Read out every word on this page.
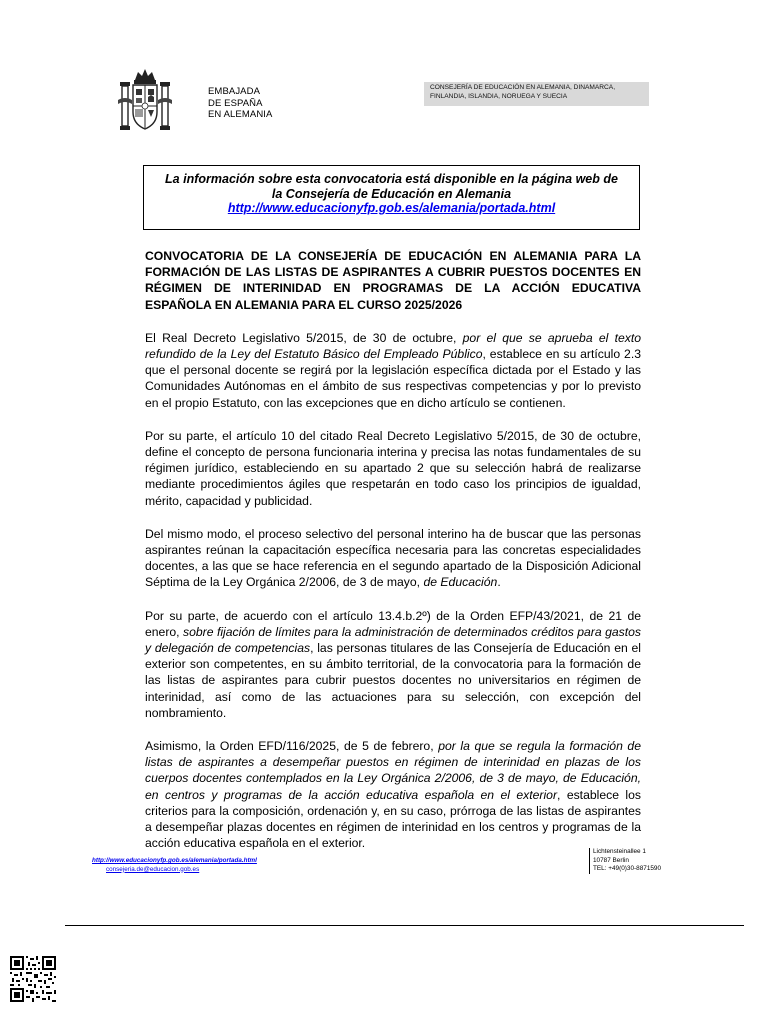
EMBAJADA
DE ESPAÑA
EN ALEMANIA
CONSEJERÍA DE EDUCACIÓN EN ALEMANIA, DINAMARCA,
FINLANDIA, ISLANDIA, NORUEGA Y SUECIA
La información sobre esta convocatoria está disponible en la página web de
la Consejería de Educación en Alemania
http://www.educacionyfp.gob.es/alemania/portada.html
CONVOCATORIA DE LA CONSEJERÍA DE EDUCACIÓN EN ALEMANIA PARA LA FORMACIÓN DE LAS LISTAS DE ASPIRANTES A CUBRIR PUESTOS DOCENTES EN RÉGIMEN DE INTERINIDAD EN PROGRAMAS DE LA ACCIÓN EDUCATIVA ESPAÑOLA EN ALEMANIA PARA EL CURSO 2025/2026

El Real Decreto Legislativo 5/2015, de 30 de octubre, por el que se aprueba el texto refundido de la Ley del Estatuto Básico del Empleado Público, establece en su artículo 2.3 que el personal docente se regirá por la legislación específica dictada por el Estado y las Comunidades Autónomas en el ámbito de sus respectivas competencias y por lo previsto en el propio Estatuto, con las excepciones que en dicho artículo se contienen.

Por su parte, el artículo 10 del citado Real Decreto Legislativo 5/2015, de 30 de octubre, define el concepto de persona funcionaria interina y precisa las notas fundamentales de su régimen jurídico, estableciendo en su apartado 2 que su selección habrá de realizarse mediante procedimientos ágiles que respetarán en todo caso los principios de igualdad, mérito, capacidad y publicidad.

Del mismo modo, el proceso selectivo del personal interino ha de buscar que las personas aspirantes reúnan la capacitación específica necesaria para las concretas especialidades docentes, a las que se hace referencia en el segundo apartado de la Disposición Adicional Séptima de la Ley Orgánica 2/2006, de 3 de mayo, de Educación.

Por su parte, de acuerdo con el artículo 13.4.b.2º) de la Orden EFP/43/2021, de 21 de enero, sobre fijación de límites para la administración de determinados créditos para gastos y delegación de competencias, las personas titulares de las Consejería de Educación en el exterior son competentes, en su ámbito territorial, de la convocatoria para la formación de las listas de aspirantes para cubrir puestos docentes no universitarios en régimen de interinidad, así como de las actuaciones para su selección, con excepción del nombramiento.

Asimismo, la Orden EFD/116/2025, de 5 de febrero, por la que se regula la formación de listas de aspirantes a desempeñar puestos en régimen de interinidad en plazas de los cuerpos docentes contemplados en la Ley Orgánica 2/2006, de 3 de mayo, de Educación, en centros y programas de la acción educativa española en el exterior, establece los criterios para la composición, ordenación y, en su caso, prórroga de las listas de aspirantes a desempeñar plazas docentes en régimen de interinidad en los centros y programas de la acción educativa española en el exterior.

http://www.educacionyfp.gob.es/alemania/portada.html
consejeria.de@educacion.gob.es
Lichtensteinallee 1
10787 Berlin
TEL: +49(0)30-8871590
